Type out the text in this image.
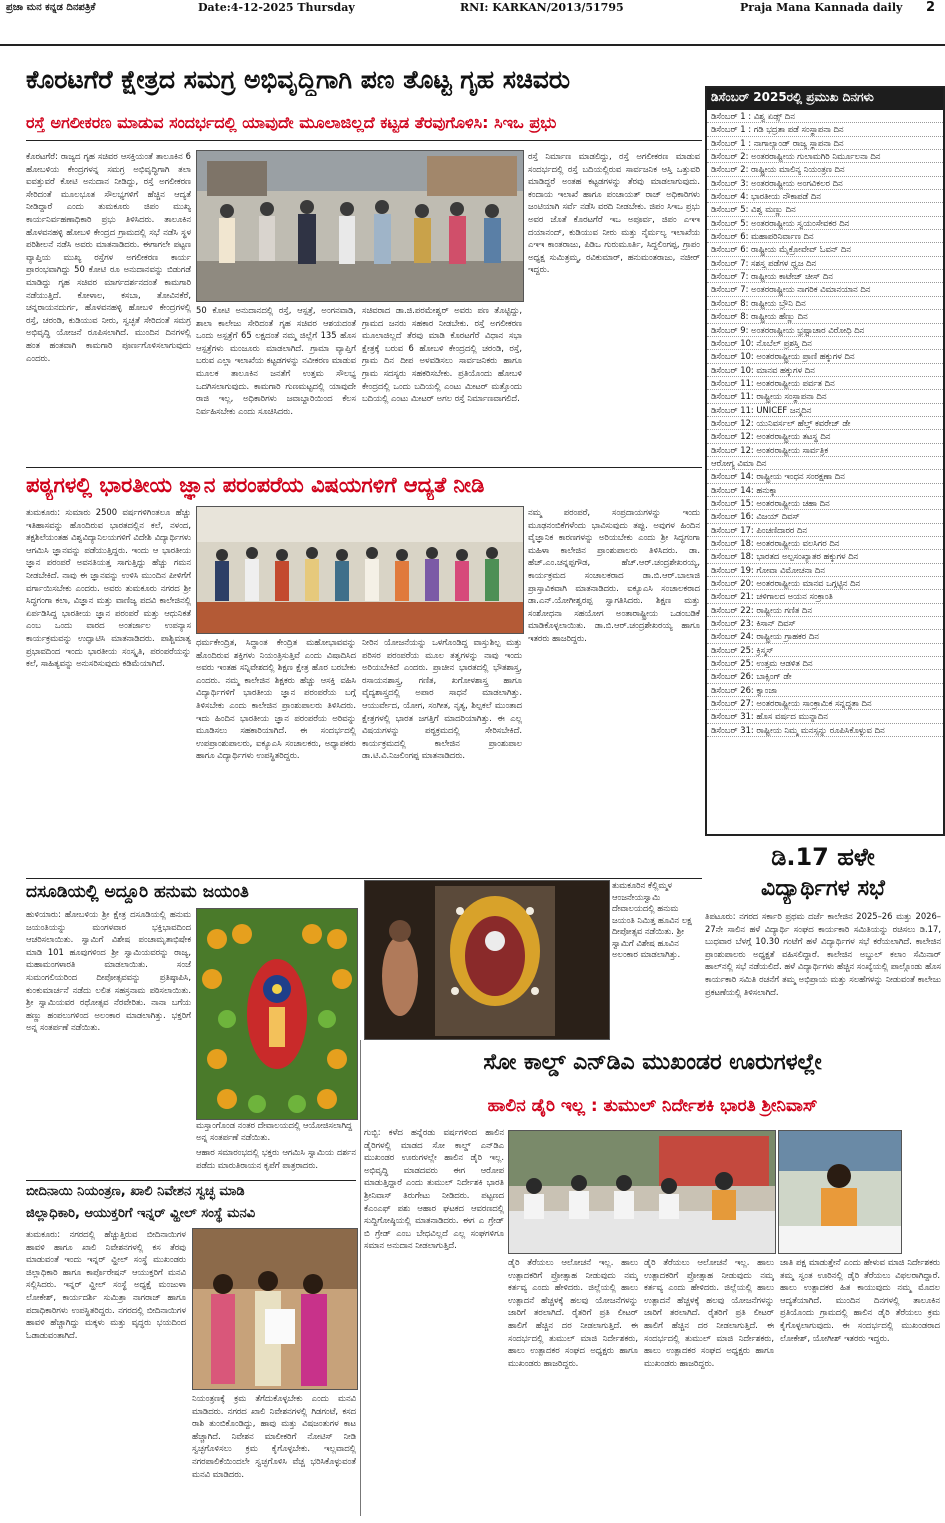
ಪ್ರಜಾ ಮನ ಕನ್ನಡ ದಿನಪತ್ರಿಕೆ	Date:4-12-2025 Thursday	RNI: KARKAN/2013/51795	Praja Mana Kannada daily 2
ಕೊರಟಗೆರೆ ಕ್ಷೇತ್ರದ ಸಮಗ್ರ ಅಭಿವೃದ್ಧಿಗಾಗಿ ಪಣ ತೊಟ್ಟ ಗೃಹ ಸಚಿವರು
ರಸ್ತೆ ಅಗಲೀಕರಣ ಮಾಡುವ ಸಂದರ್ಭದಲ್ಲಿ ಯಾವುದೇ ಮೂಲಾಜಿಲ್ಲದೆ ಕಟ್ಟಡ ತೆರವುಗೊಳಿಸಿ: ಸಿಇಒ ಪ್ರಭು
ಕೊರಟಗೆರೆ: ರಾಜ್ಯದ ಗೃಹ ಸಚಿವರ ಆಸಕ್ತಿಯಂತೆ ತಾಲೂಕಿನ 6 ಹೋಬಳಿಯ ಕೇಂದ್ರಗಳನ್ನ ಸಮಗ್ರ ಅಭಿವೃದ್ಧಿಗಾಗಿ ತಲಾ ಐವತ್ತುವರೆ ಕೋಟಿ ಅನುದಾನ ನೀಡಿದ್ದು, ರಸ್ತೆ ಅಗಲೀಕರಣ ಸೇರಿದಂತೆ ಮೂಲಭೂತ ಸೌಲಭ್ಯಗಳಿಗೆ ಹೆಚ್ಚಿನ ಆದ್ಯತೆ ನೀಡಿದ್ದಾರೆ ಎಂದು ತುಮಕೂರು ಜಿಪಂ ಮುಖ್ಯ ಕಾರ್ಯನಿರ್ವಹಣಾಧಿಕಾರಿ ಪ್ರಭು ತಿಳಿಸಿದರು. ತಾಲೂಕಿನ ಹೊಳವನಹಳ್ಳಿ ಹೋಬಳಿ ಕೇಂದ್ರದ ಗ್ರಾಮದಲ್ಲಿ ಸಭೆ ನಡೆಸಿ ಸ್ಥಳ ಪರಿಶೀಲನೆ ನಡೆಸಿ ಅವರು ಮಾತನಾಡಿದರು. ಈಗಾಗಲೇ ಪಟ್ಟಣ ವ್ಯಾಪ್ತಿಯ ಮುಖ್ಯ ರಸ್ತೆಗಳ ಅಗಲೀಕರಣ ಕಾರ್ಯ ಪ್ರಾರಂಭವಾಗಿದ್ದು 50 ಕೋಟಿ ರೂ ಅನುದಾನವನ್ನು ಬಿಡುಗಡೆ ಮಾಡಿದ್ದು ಗೃಹ ಸಚಿವರ ಮಾರ್ಗದರ್ಶನದಂತೆ ಕಾಮಗಾರಿ ನಡೆಯುತ್ತಿದೆ. ಕೋಳಾಲ, ಕಸಬಾ, ತೋವಿನಕೆರೆ, ಚನ್ನರಾಯನದುರ್ಗ, ಹೊಳವನಹಳ್ಳಿ ಹೋಬಳಿ ಕೇಂದ್ರಗಳಲ್ಲಿ ರಸ್ತೆ, ಚರಂಡಿ, ಕುಡಿಯುವ ನೀರು, ಸ್ವಚ್ಛತೆ ಸೇರಿದಂತೆ ಸಮಗ್ರ ಅಭಿವೃದ್ಧಿ ಯೋಜನೆ ರೂಪಿಸಲಾಗಿದೆ. ಮುಂದಿನ ದಿನಗಳಲ್ಲಿ ಹಂತ ಹಂತವಾಗಿ ಕಾಮಗಾರಿ ಪೂರ್ಣಗೊಳಿಸಲಾಗುವುದು ಎಂದರು.
50 ಕೋಟಿ ಅನುದಾನದಲ್ಲಿ ರಸ್ತೆ, ಆಸ್ಪತ್ರೆ, ಅಂಗನವಾಡಿ, ಶಾಲಾ ಕಾಲೇಜು ಸೇರಿದಂತೆ ಗೃಹ ಸಚಿವರ ಆಶಯದಂತೆ ಒಂದು ಅಸ್ಪತ್ರೆಗೆ 65 ಲಕ್ಷದಂತೆ ನಮ್ಮ ಜಿಲ್ಲೆಗೆ 135 ಹೊಸ ಆಸ್ಪತ್ರೆಗಳು ಮಂಜೂರು ಮಾಡಲಾಗಿದೆ. ಗ್ರಾಮಾ ವ್ಯಾಪ್ತಿಗೆ ಬರುವ ಎಲ್ಲಾ ಇಲಾಖೆಯ ಕಟ್ಟಡಗಳನ್ನು ನವೀಕರಣ ಮಾಡುವ ಮೂಲಕ ತಾಲೂಕಿನ ಜನತೆಗೆ ಉತ್ತಮ ಸೌಲಭ್ಯ ಒದಗಿಸಲಾಗುವುದು. ಕಾಮಗಾರಿ ಗುಣಮಟ್ಟದಲ್ಲಿ ಯಾವುದೇ ರಾಜಿ ಇಲ್ಲ, ಅಧಿಕಾರಿಗಳು ಜವಾಬ್ದಾರಿಯಿಂದ ಕೆಲಸ ನಿರ್ವಹಿಸಬೇಕು ಎಂದು ಸೂಚಿಸಿದರು.
ಸಚಿವರಾದ ಡಾ.ಜಿ.ಪರಮೇಶ್ವರ್ ಅವರು ಪಣ ತೊಟ್ಟಿದ್ದು, ಗ್ರಾಮದ ಜನರು ಸಹಕಾರ ನೀಡಬೇಕು. ರಸ್ತೆ ಅಗಲೀಕರಣ ಮೂಲಾಜಿಲ್ಲದೆ ತೆರವು ಮಾಡಿ ಕೊರಟಗೆರೆ ವಿಧಾನ ಸಭಾ ಕ್ಷೇತ್ರಕ್ಕೆ ಬರುವ 6 ಹೋಬಳಿ ಕೇಂದ್ರದಲ್ಲಿ ಚರಂಡಿ, ರಸ್ತೆ, ಗ್ರಾಮ ದಿನ ದೀಪ ಅಳವಡಿಸಲು ಸಾರ್ವಜನಿಕರು ಹಾಗೂ ಗ್ರಾಮ ಸದಸ್ಯರು ಸಹಕರಿಸಬೇಕು. ಪ್ರತಿಯೊಂದು ಹೋಬಳಿ ಕೇಂದ್ರದಲ್ಲಿ ಒಂದು ಬದಿಯಲ್ಲಿ ಎಂಟು ಮೀಟರ್ ಮತ್ತೊಂದು ಬದಿಯಲ್ಲಿ ಎಂಟು ಮೀಟರ್ ಅಗಲ ರಸ್ತೆ ನಿರ್ಮಾಣವಾಗಲಿದೆ.
ರಸ್ತೆ ನಿರ್ಮಾಣ ಮಾಡಲಿದ್ದು, ರಸ್ತೆ ಅಗಲೀಕರಣ ಮಾಡುವ ಸಂದರ್ಭದಲ್ಲಿ ರಸ್ತೆ ಬದಿಯಲ್ಲಿರುವ ಸಾರ್ವಜನಿಕ ಆಸ್ತಿ ಒತ್ತುವರಿ ಮಾಡಿದ್ದರೆ ಅಂತಹ ಕಟ್ಟಡಗಳನ್ನು ತೆರವು ಮಾಡಲಾಗುವುದು. ಕಂದಾಯ ಇಲಾಖೆ ಹಾಗೂ ಪಂಚಾಯತ್ ರಾಜ್ ಅಧಿಕಾರಿಗಳು ಜಂಟಿಯಾಗಿ ಸರ್ವೆ ನಡೆಸಿ ವರದಿ ನೀಡಬೇಕು. ಜಿಪಂ ಸಿಇಒ ಪ್ರಭು ಅವರ ಜೊತೆ ಕೊರಟಗೆರೆ ಇಒ ಅಪೂರ್ವ, ಜಿಪಂ ಎಇಇ ದಯಾನಂದ್, ಕುಡಿಯುವ ನೀರು ಮತ್ತು ನೈರ್ಮಲ್ಯ ಇಲಾಖೆಯ ಎಇಇ ಕಾಂತರಾಜು, ಪಿಡಿಒ ಗುರುಮೂರ್ತಿ, ಸಿದ್ದಲಿಂಗಪ್ಪ, ಗ್ರಾಪಂ ಅಧ್ಯಕ್ಷ ಸುಮಿತ್ರಮ್ಮ, ರವಿಕುಮಾರ್, ಹನುಮಂತರಾಜು, ನಜೀರ್ ಇದ್ದರು.
ಪಠ್ಯಗಳಲ್ಲಿ ಭಾರತೀಯ ಜ್ಞಾನ ಪರಂಪರೆಯ ವಿಷಯಗಳಿಗೆ ಆದ್ಯತೆ ನೀಡಿ
ತುಮಕೂರು: ಸುಮಾರು 2500 ವರ್ಷಗಳಿಗಿಂತಲೂ ಹೆಚ್ಚು ಇತಿಹಾಸವನ್ನು ಹೊಂದಿರುವ ಭಾರತದಲ್ಲಿನ ಕಲೆ, ನಳಂದ, ತಕ್ಷಶಿಲೆಯಂತಹ ವಿಶ್ವವಿದ್ಯಾನಿಲಯಗಳಿಗೆ ವಿದೇಶಿ ವಿದ್ಯಾರ್ಥಿಗಳು ಆಗಮಿಸಿ ಜ್ಞಾನವನ್ನು ಪಡೆಯುತ್ತಿದ್ದರು. ಇಂದು ಆ ಭಾರತೀಯ ಜ್ಞಾನ ಪರಂಪರೆ ಅವನತಿಯತ್ತ ಸಾಗುತ್ತಿದ್ದು ಹೆಚ್ಚು ಗಮನ ನೀಡಬೇಕಿದೆ. ನಾವು ಈ ಜ್ಞಾನವನ್ನು ಉಳಿಸಿ ಮುಂದಿನ ಪೀಳಿಗೆಗೆ ವರ್ಗಾಯಿಸಬೇಕು ಎಂದರು. ಅವರು ತುಮಕೂರು ನಗರದ ಶ್ರೀ ಸಿದ್ಧಗಂಗಾ ಕಲಾ, ವಿಜ್ಞಾನ ಮತ್ತು ವಾಣಿಜ್ಯ ಪದವಿ ಕಾಲೇಜಿನಲ್ಲಿ ಏರ್ಪಡಿಸಿದ್ದ ಭಾರತೀಯ ಜ್ಞಾನ ಪರಂಪರೆ ಮತ್ತು ಆಧುನಿಕತೆ ಎಂಬ ಒಂದು ವಾರದ ಅಂತರ್ಜಾಲ ಉಪನ್ಯಾಸ ಕಾರ್ಯಕ್ರಮವನ್ನು ಉದ್ಘಾಟಿಸಿ ಮಾತನಾಡಿದರು. ಪಾಶ್ಚಿಮಾತ್ಯ ಪ್ರಭಾವದಿಂದ ಇಂದು ಭಾರತೀಯ ಸಂಸ್ಕೃತಿ, ಪರಂಪರೆಯನ್ನು ಕಲೆ, ಸಾಹಿತ್ಯವನ್ನು ಅನುಸರಿಸುವುದು ಕಡಿಮೆಯಾಗಿದೆ.
ಧರ್ಮಕೇಂದ್ರಿತ, ಸಿದ್ಧಾಂತ ಕೇಂದ್ರಿತ ಮಹೋಭಾವವನ್ನು ಹೊಂದಿರುವ ಶಕ್ತಿಗಳು ನಿಯಂತ್ರಿಸುತ್ತಿವೆ ಎಂದು ವಿಷಾದಿಸಿದ ಅವರು ಇಂತಹ ಸನ್ನಿವೇಶದಲ್ಲಿ ಶಿಕ್ಷಣ ಕ್ಷೇತ್ರ ಹೊರ ಬರಬೇಕು ಎಂದರು. ನಮ್ಮ ಕಾಲೇಜಿನ ಶಿಕ್ಷಕರು ಹೆಚ್ಚು ಆಸಕ್ತಿ ವಹಿಸಿ ವಿದ್ಯಾರ್ಥಿಗಳಿಗೆ ಭಾರತೀಯ ಜ್ಞಾನ ಪರಂಪರೆಯ ಬಗ್ಗೆ ತಿಳಿಸಬೇಕು ಎಂದು ಕಾಲೇಜಿನ ಪ್ರಾಂಶುಪಾಲರು ತಿಳಿಸಿದರು. ಇದು ಹಿಂದಿನ ಭಾರತೀಯ ಜ್ಞಾನ ಪರಂಪರೆಯ ಅರಿವನ್ನು ಮೂಡಿಸಲು ಸಹಕಾರಿಯಾಗಿದೆ. ಈ ಸಂದರ್ಭದಲ್ಲಿ ಉಪಪ್ರಾಂಶುಪಾಲರು, ಐಕ್ಯೂಎಸಿ ಸಂಚಾಲಕರು, ಅಧ್ಯಾಪಕರು ಹಾಗೂ ವಿದ್ಯಾರ್ಥಿಗಳು ಉಪಸ್ಥಿತರಿದ್ದರು.
ನೀರಿನ ಯೋಜನೆಯನ್ನು ಒಳಗೊಂಡಿದ್ದ ವಾಸ್ತುಶಿಲ್ಪ ಮತ್ತು ಪರಿಸರ ಪರಂಪರೆಯ ಮೂಲ ತತ್ವಗಳನ್ನು ನಾವು ಇಂದು ಅರಿಯಬೇಕಿದೆ ಎಂದರು. ಪ್ರಾಚೀನ ಭಾರತದಲ್ಲಿ ಭೌತಶಾಸ್ತ್ರ, ರಸಾಯನಶಾಸ್ತ್ರ, ಗಣಿತ, ಖಗೋಳಶಾಸ್ತ್ರ ಹಾಗೂ ವೈದ್ಯಶಾಸ್ತ್ರದಲ್ಲಿ ಅಪಾರ ಸಾಧನೆ ಮಾಡಲಾಗಿತ್ತು. ಆಯುರ್ವೇದ, ಯೋಗ, ಸಂಗೀತ, ನೃತ್ಯ, ಶಿಲ್ಪಕಲೆ ಮುಂತಾದ ಕ್ಷೇತ್ರಗಳಲ್ಲಿ ಭಾರತ ಜಗತ್ತಿಗೆ ಮಾದರಿಯಾಗಿತ್ತು. ಈ ಎಲ್ಲ ವಿಷಯಗಳನ್ನು ಪಠ್ಯಕ್ರಮದಲ್ಲಿ ಸೇರಿಸಬೇಕಿದೆ. ಕಾರ್ಯಕ್ರಮದಲ್ಲಿ ಕಾಲೇಜಿನ ಪ್ರಾಂಶುಪಾಲ ಡಾ.ಟಿ.ವಿ.ನಿಜಲಿಂಗಪ್ಪ ಮಾತನಾಡಿದರು.
ನಮ್ಮ ಪರಂಪರೆ, ಸಂಪ್ರದಾಯಗಳನ್ನು ಇಂದು ಮೂಢನಂಬಿಕೆಗಳೆಂದು ಭಾವಿಸುವುದು ತಪ್ಪು. ಅವುಗಳ ಹಿಂದಿನ ವೈಜ್ಞಾನಿಕ ಕಾರಣಗಳನ್ನು ಅರಿಯಬೇಕು ಎಂದು ಶ್ರೀ ಸಿದ್ಧಗಂಗಾ ಮಹಿಳಾ ಕಾಲೇಜಿನ ಪ್ರಾಂಶುಪಾಲರು ತಿಳಿಸಿದರು. ಡಾ. ಹೆಚ್.ಎಂ.ಚನ್ನಪ್ಪಗೌಡ, ಹೆಚ್.ಆರ್.ಚಂದ್ರಶೇಖರಯ್ಯ, ಕಾರ್ಯಕ್ರಮದ ಸಂಚಾಲಕರಾದ ಡಾ.ಬಿ.ಆರ್.ಬಾಲಾಜಿ ಪ್ರಾಸ್ತಾವಿಕವಾಗಿ ಮಾತನಾಡಿದರು. ಐಕ್ಯೂಎಸಿ ಸಂಚಾಲಕರಾದ ಡಾ.ಎನ್.ಯೋಗೀಶ್ವರಪ್ಪ ಸ್ವಾಗತಿಸಿದರು. ಶಿಕ್ಷಣ ಮತ್ತು ಸಂಶೋಧನಾ ಸಹಯೋಗ ಅಂತಾರಾಷ್ಟ್ರೀಯ ಒಡಂಬಡಿಕೆ ಮಾಡಿಕೊಳ್ಳಲಾಯಿತು. ಡಾ.ಬಿ.ಆರ್.ಚಂದ್ರಶೇಖರಯ್ಯ ಹಾಗೂ ಇತರರು ಹಾಜರಿದ್ದರು.
ಡಿಸೆಂಬರ್ 2025ರಲ್ಲಿ ಪ್ರಮುಖ ದಿನಗಳು
ಡಿಸೆಂಬರ್ 1 : ವಿಶ್ವ ಏಡ್ಸ್ ದಿನ
ಡಿಸೆಂಬರ್ 1 : ಗಡಿ ಭದ್ರತಾ ಪಡೆ ಸಂಸ್ಥಾಪನಾ ದಿನ
ಡಿಸೆಂಬರ್ 1 : ನಾಗಾಲ್ಯಾಂಡ್ ರಾಜ್ಯ ಸ್ಥಾಪನಾ ದಿನ
ಡಿಸೆಂಬರ್ 2: ಅಂತರರಾಷ್ಟ್ರೀಯ ಗುಲಾಮಗಿರಿ ನಿರ್ಮೂಲನಾ ದಿನ
ಡಿಸೆಂಬರ್ 2: ರಾಷ್ಟ್ರೀಯ ಮಾಲಿನ್ಯ ನಿಯಂತ್ರಣ ದಿನ
ಡಿಸೆಂಬರ್ 3: ಅಂತರರಾಷ್ಟ್ರೀಯ ಅಂಗವಿಕಲರ ದಿನ
ಡಿಸೆಂಬರ್ 4: ಭಾರತೀಯ ನೌಕಾಪಡೆ ದಿನ
ಡಿಸೆಂಬರ್ 5: ವಿಶ್ವ ಮಣ್ಣು ದಿನ
ಡಿಸೆಂಬರ್ 5: ಅಂತರರಾಷ್ಟ್ರೀಯ ಸ್ವಯಂಸೇವಕರ ದಿನ
ಡಿಸೆಂಬರ್ 6: ಮಹಾಪರಿನಿರ್ವಾಣ ದಿನ
ಡಿಸೆಂಬರ್ 6: ರಾಷ್ಟ್ರೀಯ ಮೈಕ್ರೋವೇವ್ ಓವನ್ ದಿನ
ಡಿಸೆಂಬರ್ 7: ಸಶಸ್ತ್ರ ಪಡೆಗಳ ಧ್ವಜ ದಿನ
ಡಿಸೆಂಬರ್ 7: ರಾಷ್ಟ್ರೀಯ ಕಾಟೇಜ್ ಚೀಸ್ ದಿನ
ಡಿಸೆಂಬರ್ 7: ಅಂತರರಾಷ್ಟ್ರೀಯ ನಾಗರಿಕ ವಿಮಾನಯಾನ ದಿನ
ಡಿಸೆಂಬರ್ 8: ರಾಷ್ಟ್ರೀಯ ಬ್ರೌನಿ ದಿನ
ಡಿಸೆಂಬರ್ 8: ರಾಷ್ಟ್ರೀಯ ಹೆಣ್ಣು ದಿನ
ಡಿಸೆಂಬರ್ 9: ಅಂತರರಾಷ್ಟ್ರೀಯ ಭ್ರಷ್ಟಾಚಾರ ವಿರೋಧಿ ದಿನ
ಡಿಸೆಂಬರ್ 10: ನೊಬೆಲ್ ಪ್ರಶಸ್ತಿ ದಿನ
ಡಿಸೆಂಬರ್ 10: ಅಂತರರಾಷ್ಟ್ರೀಯ ಪ್ರಾಣಿ ಹಕ್ಕುಗಳ ದಿನ
ಡಿಸೆಂಬರ್ 10: ಮಾನವ ಹಕ್ಕುಗಳ ದಿನ
ಡಿಸೆಂಬರ್ 11: ಅಂತರರಾಷ್ಟ್ರೀಯ ಪರ್ವತ ದಿನ
ಡಿಸೆಂಬರ್ 11: ರಾಷ್ಟ್ರೀಯ ಸಂಸ್ಥಾಪನಾ ದಿನ
ಡಿಸೆಂಬರ್ 11: UNICEF ಜನ್ಮದಿನ
ಡಿಸೆಂಬರ್ 12: ಯುನಿವರ್ಸಲ್ ಹೆಲ್ತ್ ಕವರೇಜ್ ಡೇ
ಡಿಸೆಂಬರ್ 12: ಅಂತರರಾಷ್ಟ್ರೀಯ ತಟಸ್ಥ ದಿನ
ಡಿಸೆಂಬರ್ 12: ಅಂತರರಾಷ್ಟ್ರೀಯ ಸಾರ್ವತ್ರಿಕ
ಆರೋಗ್ಯ ವಿಮಾ ದಿನ
ಡಿಸೆಂಬರ್ 14: ರಾಷ್ಟ್ರೀಯ ಇಂಧನ ಸಂರಕ್ಷಣಾ ದಿನ
ಡಿಸೆಂಬರ್ 14: ಹನುಕ್ಕಾ
ಡಿಸೆಂಬರ್ 15: ಅಂತರರಾಷ್ಟ್ರೀಯ ಚಹಾ ದಿನ
ಡಿಸೆಂಬರ್ 16: ವಿಜಯ್ ದಿವಸ್
ಡಿಸೆಂಬರ್ 17: ಪಿಂಚಣಿದಾರರ ದಿನ
ಡಿಸೆಂಬರ್ 18: ಅಂತರರಾಷ್ಟ್ರೀಯ ವಲಸಿಗರ ದಿನ
ಡಿಸೆಂಬರ್ 18: ಭಾರತದ ಅಲ್ಪಸಂಖ್ಯಾತರ ಹಕ್ಕುಗಳ ದಿನ
ಡಿಸೆಂಬರ್ 19: ಗೋವಾ ವಿಮೋಚನಾ ದಿನ
ಡಿಸೆಂಬರ್ 20: ಅಂತರರಾಷ್ಟ್ರೀಯ ಮಾನವ ಒಗ್ಗಟ್ಟಿನ ದಿನ
ಡಿಸೆಂಬರ್ 21: ಚಳಿಗಾಲದ ಅಯನ ಸಂಕ್ರಾಂತಿ
ಡಿಸೆಂಬರ್ 22: ರಾಷ್ಟ್ರೀಯ ಗಣಿತ ದಿನ
ಡಿಸೆಂಬರ್ 23: ಕಿಸಾನ್ ದಿವಸ್
ಡಿಸೆಂಬರ್ 24: ರಾಷ್ಟ್ರೀಯ ಗ್ರಾಹಕರ ದಿನ
ಡಿಸೆಂಬರ್ 25: ಕ್ರಿಸ್ಮಸ್
ಡಿಸೆಂಬರ್ 25: ಉತ್ತಮ ಆಡಳಿತ ದಿನ
ಡಿಸೆಂಬರ್ 26: ಬಾಕ್ಸಿಂಗ್ ಡೇ
ಡಿಸೆಂಬರ್ 26: ಕ್ವಾಂಜಾ
ಡಿಸೆಂಬರ್ 27: ಅಂತರರಾಷ್ಟ್ರೀಯ ಸಾಂಕ್ರಾಮಿಕ ಸನ್ನದ್ಧತಾ ದಿನ
ಡಿಸೆಂಬರ್ 31: ಹೊಸ ವರ್ಷದ ಮುನ್ನಾದಿನ
ಡಿಸೆಂಬರ್ 31: ರಾಷ್ಟ್ರೀಯ ನಿಮ್ಮ ಮನಸ್ಸನ್ನು ರೂಪಿಸಿಕೊಳ್ಳುವ ದಿನ
ಡಿ.17 ಹಳೇ
ವಿದ್ಯಾರ್ಥಿಗಳ ಸಭೆ
ತಿಪಟೂರು: ನಗರದ ಸರ್ಕಾರಿ ಪ್ರಥಮ ದರ್ಜೆ ಕಾಲೇಜಿನ 2025–26 ಮತ್ತು 2026–27ನೇ ಸಾಲಿನ ಹಳೆ ವಿದ್ಯಾರ್ಥಿ ಸಂಘದ ಕಾರ್ಯಕಾರಿ ಸಮಿತಿಯನ್ನು ರಚಿಸಲು ಡಿ.17, ಬುಧವಾರ ಬೆಳಗ್ಗೆ 10.30 ಗಂಟೆಗೆ ಹಳೆ ವಿದ್ಯಾರ್ಥಿಗಳ ಸಭೆ ಕರೆಯಲಾಗಿದೆ. ಕಾಲೇಜಿನ ಪ್ರಾಂಶುಪಾಲರು ಅಧ್ಯಕ್ಷತೆ ವಹಿಸಲಿದ್ದಾರೆ. ಕಾಲೇಜಿನ ಅಬ್ದುಲ್ ಕಲಾಂ ಸೆಮಿನಾರ್ ಹಾಲ್‌ನಲ್ಲಿ ಸಭೆ ನಡೆಯಲಿದೆ. ಹಳೆ ವಿದ್ಯಾರ್ಥಿಗಳು ಹೆಚ್ಚಿನ ಸಂಖ್ಯೆಯಲ್ಲಿ ಪಾಲ್ಗೊಂಡು ಹೊಸ ಕಾರ್ಯಕಾರಿ ಸಮಿತಿ ರಚನೆಗೆ ತಮ್ಮ ಅಭಿಪ್ರಾಯ ಮತ್ತು ಸಲಹೆಗಳನ್ನು ನೀಡುವಂತೆ ಕಾಲೇಜು ಪ್ರಕಟಣೆಯಲ್ಲಿ ತಿಳಿಸಲಾಗಿದೆ.
ದಸೂಡಿಯಲ್ಲಿ ಅದ್ದೂರಿ ಹನುಮ ಜಯಂತಿ
ಹುಳಿಯಾರು: ಹೋಬಳಿಯ ಶ್ರೀ ಕ್ಷೇತ್ರ ದಸೂಡಿಯಲ್ಲಿ ಹನುಮ ಜಯಂತಿಯನ್ನು ಮಂಗಳವಾರ ಭಕ್ತಿಭಾವದಿಂದ ಆಚರಿಸಲಾಯಿತು. ಸ್ವಾಮಿಗೆ ವಿಶೇಷ ಪಂಚಾಮೃತಾಭಿಷೇಕ ಮಾಡಿ 101 ಹೂವುಗಳಿಂದ ಶ್ರೀ ಸ್ವಾಮಿಯವರನ್ನು ರಾಜ್ಯ, ಮಹಾಮಂಗಳಾರತಿ ಮಾಡಲಾಯಿತು. ಸಂಜೆ ಸುಮಂಗಲಿಯರಿಂದ ದೀಪೋತ್ಸವವನ್ನು ಪ್ರತಿಷ್ಠಾಪಿಸಿ, ಕುಂಕುಮಾರ್ಚನೆ ನಡೆದು ಲಲಿತ ಸಹಸ್ರನಾಮ ಪಠಿಸಲಾಯಿತು. ಶ್ರೀ ಸ್ವಾಮಿಯವರ ರಥೋತ್ಸವ ನೆರವೇರಿತು. ನಾನಾ ಬಗೆಯ ಹಣ್ಣು ಹಂಪಲುಗಳಿಂದ ಅಲಂಕಾರ ಮಾಡಲಾಗಿತ್ತು. ಭಕ್ತರಿಗೆ ಅನ್ನ ಸಂತರ್ಪಣೆ ನಡೆಯಿತು.
ಮಸ್ತಾಂಗೊಂಡ ನಂತರ ದೇವಾಲಯದಲ್ಲಿ ಆಯೋಜಿಸಲಾಗಿದ್ದ ಅನ್ನ ಸಂತರ್ಪಣೆ ನಡೆಯಿತು.
ಆಹಾರ ಸಮಾರಂಭದಲ್ಲಿ ಭಕ್ತರು ಆಗಮಿಸಿ ಸ್ವಾಮಿಯ ದರ್ಶನ ಪಡೆದು ಮಾರುತಿರಾಯನ ಕೃಪೆಗೆ ಪಾತ್ರರಾದರು.
ತುಮಕೂರಿನ ಕೆಲ್ಲಿಮ್ಮಳ ಆಂಜನೇಯಸ್ವಾಮಿ ದೇವಾಲಯದಲ್ಲಿ ಹನುಮ ಜಯಂತಿ ನಿಮಿತ್ತ ಹೂವಿನ ಲಕ್ಷ ದೀಪೋತ್ಸವ ನಡೆಯಿತು. ಶ್ರೀ ಸ್ವಾಮಿಗೆ ವಿಶೇಷ ಹೂವಿನ ಅಲಂಕಾರ ಮಾಡಲಾಗಿತ್ತು.
ಬೀದಿನಾಯಿ ನಿಯಂತ್ರಣ, ಖಾಲಿ ನಿವೇಶನ ಸ್ವಚ್ಛ ಮಾಡಿ
ಜಿಲ್ಲಾಧಿಕಾರಿ, ಆಯುಕ್ತರಿಗೆ ಇನ್ನರ್ ವ್ಹೀಲ್ ಸಂಸ್ಥೆ ಮನವಿ
ತುಮಕೂರು: ನಗರದಲ್ಲಿ ಹೆಚ್ಚುತ್ತಿರುವ ಬೀದಿನಾಯಿಗಳ ಹಾವಳಿ ಹಾಗೂ ಖಾಲಿ ನಿವೇಶನಗಳಲ್ಲಿ ಕಸ ತೆರವು ಮಾಡುವಂತೆ ಇಂದು ಇನ್ನರ್ ವ್ಹೀಲ್ ಸಂಸ್ಥೆ ಮುಖಂಡರು ಜಿಲ್ಲಾಧಿಕಾರಿ ಹಾಗೂ ಕಾರ್ಪೊರೇಷನ್ ಆಯುಕ್ತರಿಗೆ ಮನವಿ ಸಲ್ಲಿಸಿದರು. ಇನ್ನರ್ ವ್ಹೀಲ್ ಸಂಸ್ಥೆ ಅಧ್ಯಕ್ಷೆ ಮಂಜುಳಾ ಲೋಕೇಶ್, ಕಾರ್ಯದರ್ಶಿ ಸುಮಿತ್ರಾ ನಾಗರಾಜ್ ಹಾಗೂ ಪದಾಧಿಕಾರಿಗಳು ಉಪಸ್ಥಿತರಿದ್ದರು. ನಗರದಲ್ಲಿ ಬೀದಿನಾಯಿಗಳ ಹಾವಳಿ ಹೆಚ್ಚಾಗಿದ್ದು ಮಕ್ಕಳು ಮತ್ತು ವೃದ್ಧರು ಭಯದಿಂದ ಓಡಾಡುವಂತಾಗಿದೆ.
ನಿಯಂತ್ರಣಕ್ಕೆ ಕ್ರಮ ತೆಗೆದುಕೊಳ್ಳಬೇಕು ಎಂದು ಮನವಿ ಮಾಡಿದರು. ನಗರದ ಖಾಲಿ ನಿವೇಶನಗಳಲ್ಲಿ ಗಿಡಗಂಟೆ, ಕಸದ ರಾಶಿ ತುಂಬಿಕೊಂಡಿದ್ದು, ಹಾವು ಮತ್ತು ವಿಷಜಂತುಗಳ ಕಾಟ ಹೆಚ್ಚಾಗಿದೆ. ನಿವೇಶನ ಮಾಲೀಕರಿಗೆ ನೋಟಿಸ್ ನೀಡಿ ಸ್ವಚ್ಛಗೊಳಿಸಲು ಕ್ರಮ ಕೈಗೊಳ್ಳಬೇಕು. ಇಲ್ಲವಾದಲ್ಲಿ ನಗರಪಾಲಿಕೆಯಿಂದಲೇ ಸ್ವಚ್ಛಗೊಳಿಸಿ ವೆಚ್ಚ ಭರಿಸಿಕೊಳ್ಳುವಂತೆ ಮನವಿ ಮಾಡಿದರು.
ಸೋ ಕಾಲ್ಡ್ ಎನ್‌ಡಿಎ ಮುಖಂಡರ ಊರುಗಳಲ್ಲೇ
ಹಾಲಿನ ಡೈರಿ ಇಲ್ಲ : ತುಮುಲ್ ನಿರ್ದೇಶಕಿ ಭಾರತಿ ಶ್ರೀನಿವಾಸ್
ಗುಬ್ಬಿ: ಕಳೆದ ಹನ್ನೆರಡು ವರ್ಷಗಳಿಂದ ಹಾಲಿನ ಡೈರಿಗಳಲ್ಲಿ ಮಾಡದ ಸೋ ಕಾಲ್ಡ್ ಎನ್‌ಡಿಎ ಮುಖಂಡರ ಊರುಗಳಲ್ಲೇ ಹಾಲಿನ ಡೈರಿ ಇಲ್ಲ. ಅಭಿವೃದ್ಧಿ ಮಾಡದವರು ಈಗ ಆರೋಪ ಮಾಡುತ್ತಿದ್ದಾರೆ ಎಂದು ತುಮುಲ್ ನಿರ್ದೇಶಕಿ ಭಾರತಿ ಶ್ರೀನಿವಾಸ್ ತಿರುಗೇಟು ನೀಡಿದರು. ಪಟ್ಟಣದ ಕೆಎಂಎಫ್ ಪಶು ಆಹಾರ ಘಟಕದ ಆವರಣದಲ್ಲಿ ಸುದ್ದಿಗೋಷ್ಠಿಯಲ್ಲಿ ಮಾತನಾಡಿದರು. ಈಗ ಎ ಗ್ರೇಡ್ ಬಿ ಗ್ರೇಡ್ ಎಂಬ ಬೇಧವಿಲ್ಲದೆ ಎಲ್ಲ ಸಂಘಗಳಿಗೂ ಸಮಾನ ಅನುದಾನ ನೀಡಲಾಗುತ್ತಿದೆ.
ಡೈರಿ ತೆರೆಯಲು ಆಲೋಚನೆ ಇಲ್ಲ. ಹಾಲು ಉತ್ಪಾದಕರಿಗೆ ಪ್ರೋತ್ಸಾಹ ನೀಡುವುದು ನಮ್ಮ ಕರ್ತವ್ಯ ಎಂದು ಹೇಳಿದರು. ಜಿಲ್ಲೆಯಲ್ಲಿ ಹಾಲು ಉತ್ಪಾದನೆ ಹೆಚ್ಚಳಕ್ಕೆ ಹಲವು ಯೋಜನೆಗಳನ್ನು ಜಾರಿಗೆ ತರಲಾಗಿದೆ. ರೈತರಿಗೆ ಪ್ರತಿ ಲೀಟರ್ ಹಾಲಿಗೆ ಹೆಚ್ಚಿನ ದರ ನೀಡಲಾಗುತ್ತಿದೆ. ಈ ಸಂದರ್ಭದಲ್ಲಿ ತುಮುಲ್ ಮಾಜಿ ನಿರ್ದೇಶಕರು, ಹಾಲು ಉತ್ಪಾದಕರ ಸಂಘದ ಅಧ್ಯಕ್ಷರು ಹಾಗೂ ಮುಖಂಡರು ಹಾಜರಿದ್ದರು.
ಡೈರಿ ತೆರೆಯಲು ಆಲೋಚನೆ ಇಲ್ಲ. ಹಾಲು ಉತ್ಪಾದಕರಿಗೆ ಪ್ರೋತ್ಸಾಹ ನೀಡುವುದು ನಮ್ಮ ಕರ್ತವ್ಯ ಎಂದು ಹೇಳಿದರು. ಜಿಲ್ಲೆಯಲ್ಲಿ ಹಾಲು ಉತ್ಪಾದನೆ ಹೆಚ್ಚಳಕ್ಕೆ ಹಲವು ಯೋಜನೆಗಳನ್ನು ಜಾರಿಗೆ ತರಲಾಗಿದೆ. ರೈತರಿಗೆ ಪ್ರತಿ ಲೀಟರ್ ಹಾಲಿಗೆ ಹೆಚ್ಚಿನ ದರ ನೀಡಲಾಗುತ್ತಿದೆ. ಈ ಸಂದರ್ಭದಲ್ಲಿ ತುಮುಲ್ ಮಾಜಿ ನಿರ್ದೇಶಕರು, ಹಾಲು ಉತ್ಪಾದಕರ ಸಂಘದ ಅಧ್ಯಕ್ಷರು ಹಾಗೂ ಮುಖಂಡರು ಹಾಜರಿದ್ದರು.
ಜಾತಿ ಪಕ್ಷ ಮಾಡುತ್ತೇನೆ ಎಂದು ಹೇಳುವ ಮಾಜಿ ನಿರ್ದೇಶಕರು ತಮ್ಮ ಸ್ವಂತ ಊರಿನಲ್ಲಿ ಡೈರಿ ತೆರೆಯಲು ವಿಫಲರಾಗಿದ್ದಾರೆ. ಹಾಲು ಉತ್ಪಾದಕರ ಹಿತ ಕಾಯುವುದು ನಮ್ಮ ಮೊದಲ ಆದ್ಯತೆಯಾಗಿದೆ. ಮುಂದಿನ ದಿನಗಳಲ್ಲಿ ತಾಲೂಕಿನ ಪ್ರತಿಯೊಂದು ಗ್ರಾಮದಲ್ಲಿ ಹಾಲಿನ ಡೈರಿ ತೆರೆಯಲು ಕ್ರಮ ಕೈಗೊಳ್ಳಲಾಗುವುದು. ಈ ಸಂದರ್ಭದಲ್ಲಿ ಮುಖಂಡರಾದ ಲೋಕೇಶ್, ಯೋಗೀಶ್ ಇತರರು ಇದ್ದರು.
